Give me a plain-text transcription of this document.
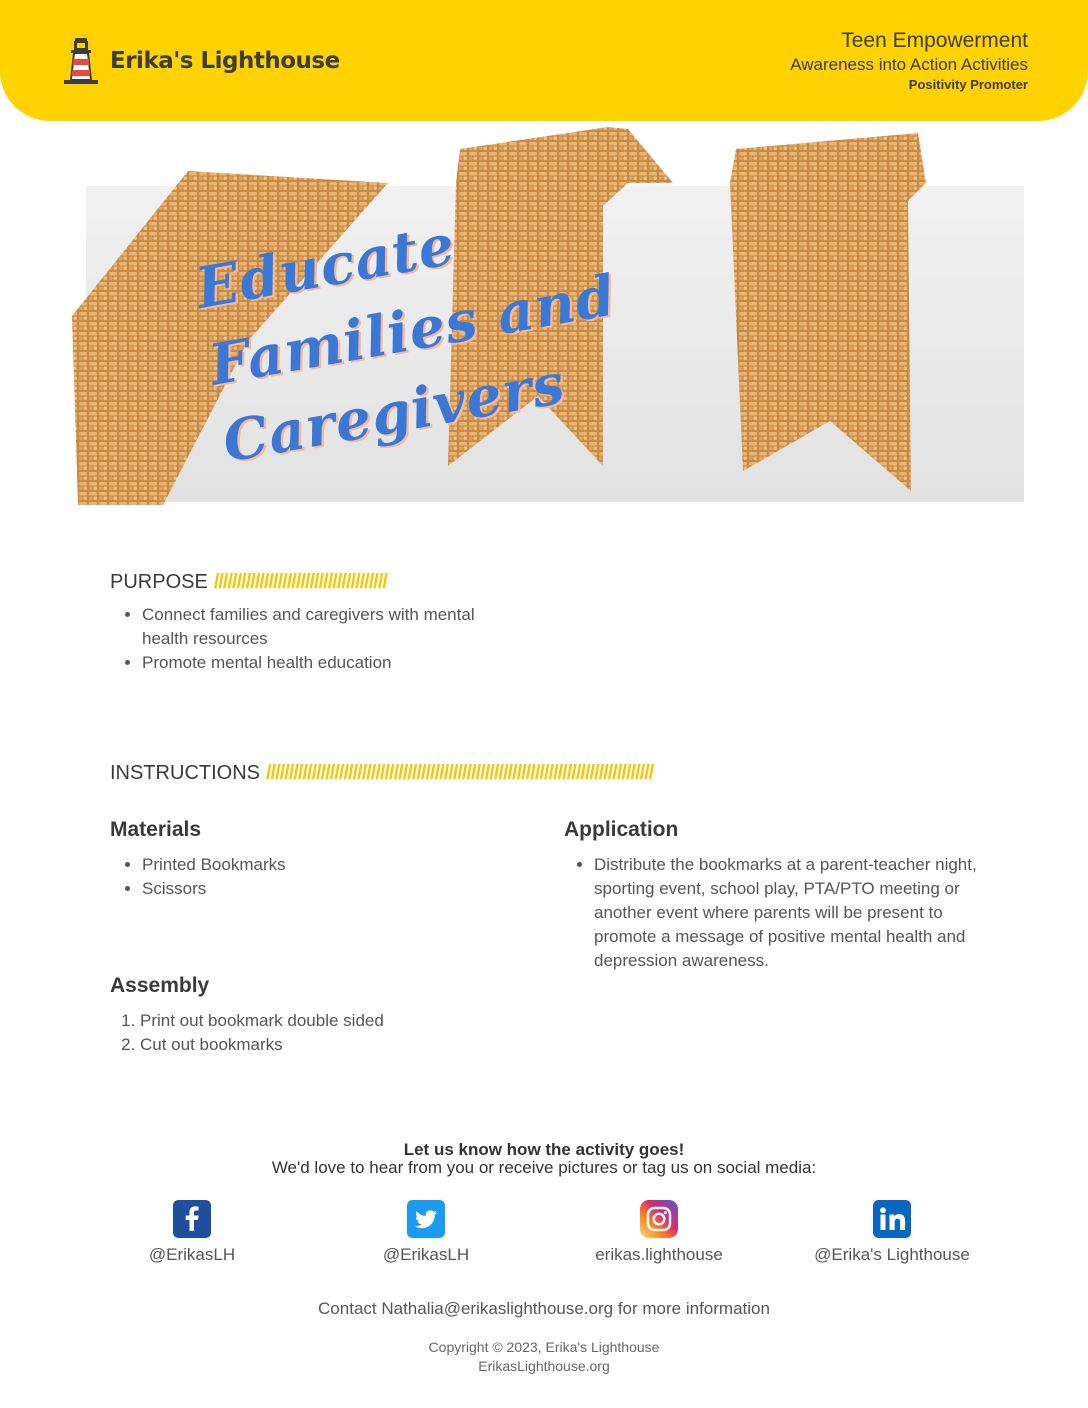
Erika's Lighthouse
Teen Empowerment
Awareness into Action Activities
Positivity Promoter
Educate
Families and
Caregivers
PURPOSE //////////////////////////////////////
• Connect families and caregivers with mental health resources
• Promote mental health education
INSTRUCTIONS /////////////////////////////////////////////////////////////////////////////////////
Materials
• Printed Bookmarks
• Scissors
Assembly
1. Print out bookmark double sided
2. Cut out bookmarks
Application
• Distribute the bookmarks at a parent-teacher night, sporting event, school play, PTA/PTO meeting or another event where parents will be present to promote a message of positive mental health and depression awareness.
Let us know how the activity goes!
We'd love to hear from you or receive pictures or tag us on social media:
@ErikasLH	@ErikasLH	erikas.lighthouse	@Erika's Lighthouse
Contact Nathalia@erikaslighthouse.org for more information
Copyright © 2023, Erika's Lighthouse
ErikasLighthouse.org
